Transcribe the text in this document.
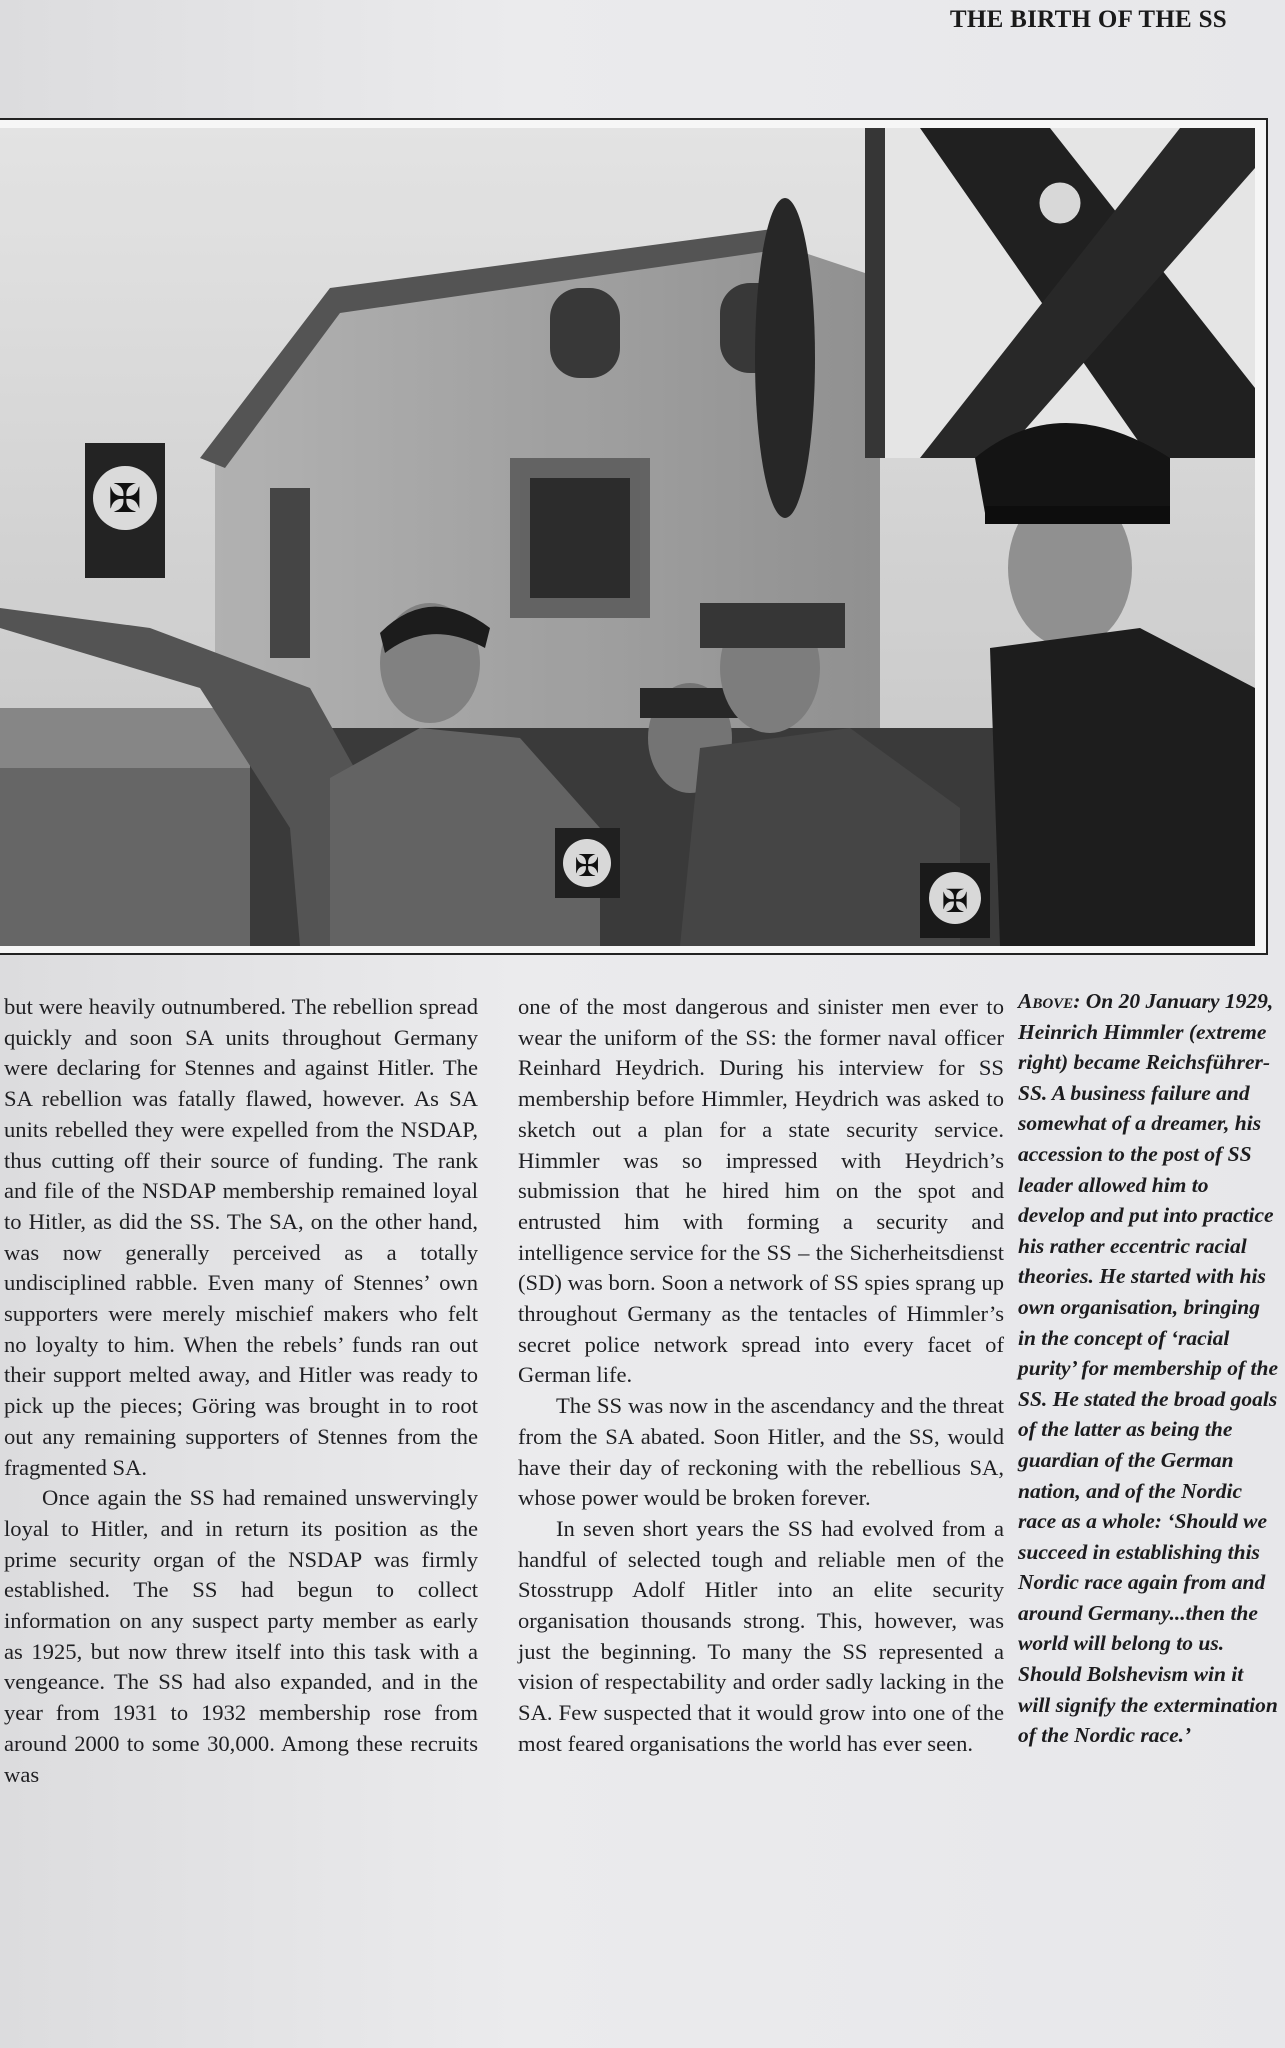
THE BIRTH OF THE SS
✠
✠
✠

but were heavily outnumbered. The rebellion spread quickly and soon SA units throughout Germany were declaring for Stennes and against Hitler. The SA rebellion was fatally flawed, however. As SA units rebelled they were expelled from the NSDAP, thus cutting off their source of funding. The rank and file of the NSDAP membership remained loyal to Hitler, as did the SS. The SA, on the other hand, was now generally perceived as a totally undisciplined rabble. Even many of Stennes’ own supporters were merely mischief makers who felt no loyalty to him. When the rebels’ funds ran out their support melted away, and Hitler was ready to pick up the pieces; Göring was brought in to root out any remaining supporters of Stennes from the fragmented SA.

Once again the SS had remained unswervingly loyal to Hitler, and in return its position as the prime security organ of the NSDAP was firmly established. The SS had begun to collect information on any suspect party member as early as 1925, but now threw itself into this task with a vengeance. The SS had also expanded, and in the year from 1931 to 1932 membership rose from around 2000 to some 30,000. Among these recruits was

one of the most dangerous and sinister men ever to wear the uniform of the SS: the former naval officer Reinhard Heydrich. During his interview for SS membership before Himmler, Heydrich was asked to sketch out a plan for a state security service. Himmler was so impressed with Heydrich’s submission that he hired him on the spot and entrusted him with forming a security and intelligence service for the SS – the Sicherheitsdienst (SD) was born. Soon a network of SS spies sprang up throughout Germany as the tentacles of Himmler’s secret police network spread into every facet of German life.

The SS was now in the ascendancy and the threat from the SA abated. Soon Hitler, and the SS, would have their day of reckoning with the rebellious SA, whose power would be broken forever.

In seven short years the SS had evolved from a handful of selected tough and reliable men of the Stosstrupp Adolf Hitler into an elite security organisation thousands strong. This, however, was just the beginning. To many the SS represented a vision of respectability and order sadly lacking in the SA. Few suspected that it would grow into one of the most feared organisations the world has ever seen.

Above: On 20 January 1929, Heinrich Himmler (extreme right) became Reichsführer-SS. A business failure and somewhat of a dreamer, his accession to the post of SS leader allowed him to develop and put into practice his rather eccentric racial theories. He started with his own organisation, bringing in the concept of ‘racial purity’ for membership of the SS. He stated the broad goals of the latter as being the guardian of the German nation, and of the Nordic race as a whole: ‘Should we succeed in establishing this Nordic race again from and around Germany...then the world will belong to us. Should Bolshevism win it will signify the extermination of the Nordic race.’
